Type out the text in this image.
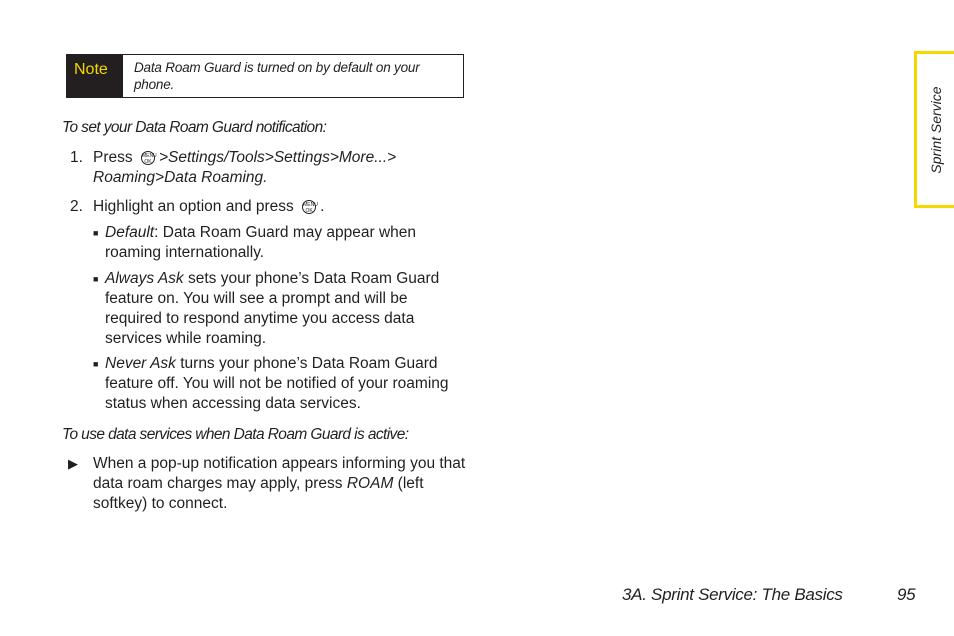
Note	Data Roam Guard is turned on by default on your phone.
To set your Data Roam Guard notification:
1. Press MENU
OK >Settings/Tools>Settings>More...>
Roaming>Data Roaming.
2. Highlight an option and press MENU
OK .
■ Default: Data Roam Guard may appear when roaming internationally.
■ Always Ask sets your phone’s Data Roam Guard feature on. You will see a prompt and will be required to respond anytime you access data services while roaming.
■ Never Ask turns your phone’s Data Roam Guard feature off. You will not be notified of your roaming status when accessing data services.
To use data services when Data Roam Guard is active:
▶ When a pop-up notification appears informing you that data roam charges may apply, press ROAM (left softkey) to connect.
Sprint Service
3A. Sprint Service: The Basics	95
